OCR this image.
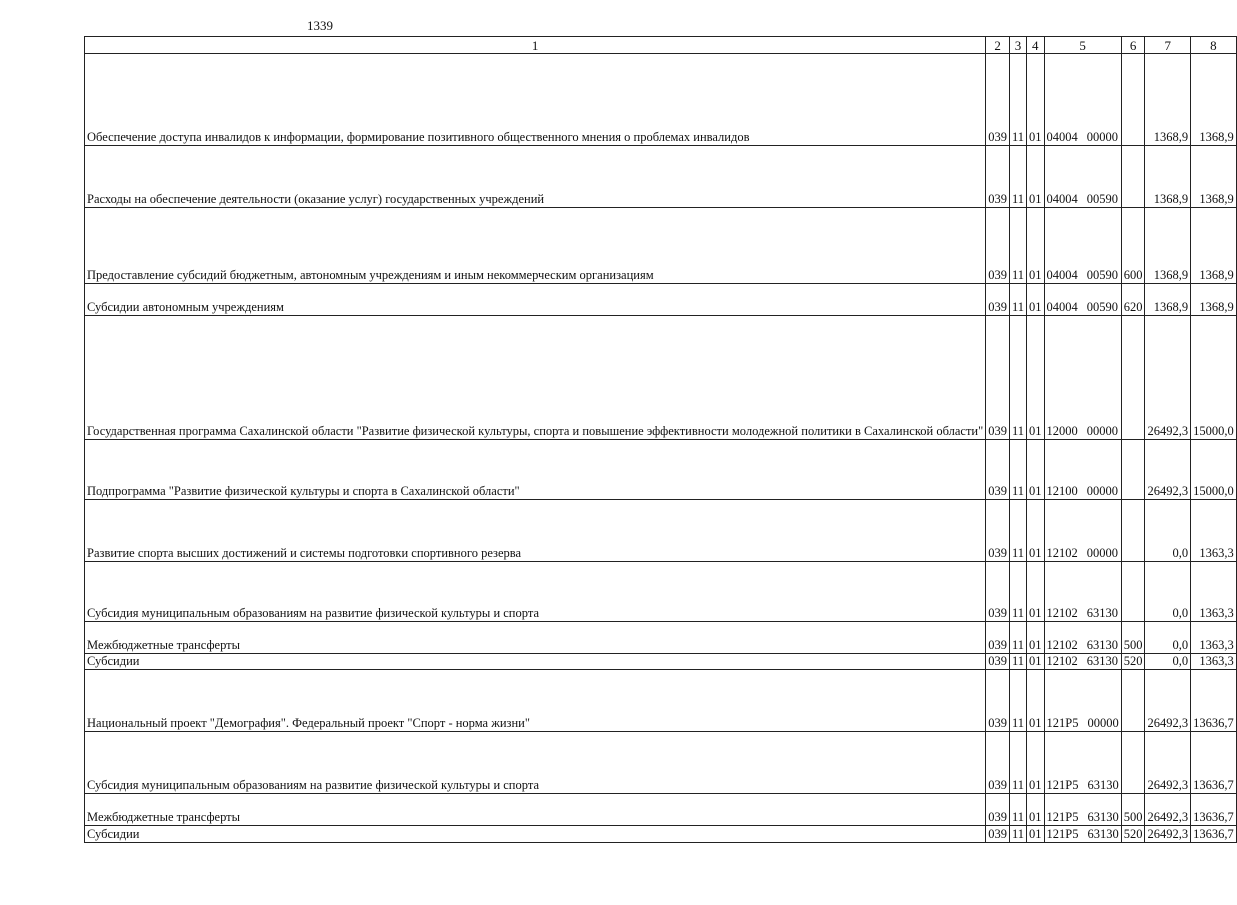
1339
1	2	3	4	5	6	7	8
Обеспечение доступа инвалидов к информации, формирование позитивного общественного мнения о проблемах инвалидов	039	11	01	04004 00000		1368,9	1368,9
Расходы на обеспечение деятельности (оказание услуг) государственных учреждений	039	11	01	04004 00590		1368,9	1368,9
Предоставление субсидий бюджетным, автономным учреждениям и иным некоммерческим организациям	039	11	01	04004 00590	600	1368,9	1368,9
Субсидии автономным учреждениям	039	11	01	04004 00590	620	1368,9	1368,9
Государственная программа Сахалинской области "Развитие физической культуры, спорта и повышение эффективности молодежной политики в Сахалинской области"	039	11	01	12000 00000		26492,3	15000,0
Подпрограмма "Развитие физической культуры и спорта в Сахалинской области"	039	11	01	12100 00000		26492,3	15000,0
Развитие спорта высших достижений и системы подготовки спортивного резерва	039	11	01	12102 00000		0,0	1363,3
Субсидия муниципальным образованиям на развитие физической культуры и спорта	039	11	01	12102 63130		0,0	1363,3
Межбюджетные трансферты	039	11	01	12102 63130	500	0,0	1363,3
Субсидии	039	11	01	12102 63130	520	0,0	1363,3
Национальный проект "Демография". Федеральный проект "Спорт - норма жизни"	039	11	01	121P5 00000		26492,3	13636,7
Субсидия муниципальным образованиям на развитие физической культуры и спорта	039	11	01	121P5 63130		26492,3	13636,7
Межбюджетные трансферты	039	11	01	121P5 63130	500	26492,3	13636,7
Субсидии	039	11	01	121P5 63130	520	26492,3	13636,7
